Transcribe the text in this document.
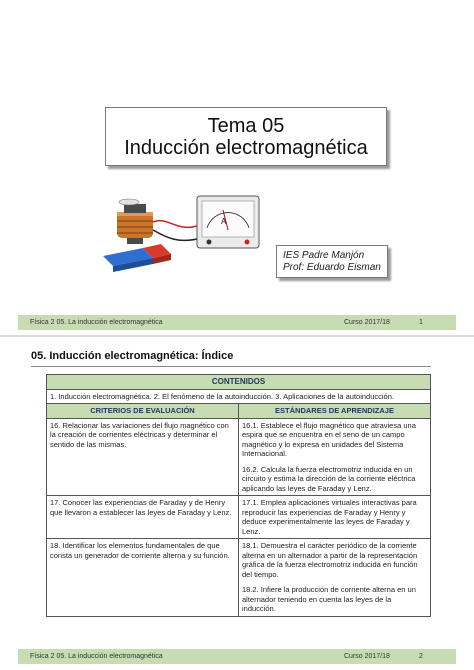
Tema 05
Inducción electromagnética
A
IES Padre Manjón
Prof: Eduardo Eisman
Física 2 05. La inducción electromagnética	Curso 2017/18	1
05. Inducción electromagnética: Índice
CONTENIDOS	
1. Inducción electromagnética. 2. El fenómeno de la autoinducción. 3. Aplicaciones de la autoinducción.	
CRITERIOS DE EVALUACIÓN	ESTÁNDARES DE APRENDIZAJE
16. Relacionar las variaciones del flujo magnético con la creación de corrientes eléctricas y determinar el sentido de las mismas.	16.1. Establece el flujo magnético que atraviesa una espira que se encuentra en el seno de un campo magnético y lo expresa en unidades del Sistema Internacional.
16.2. Calcula la fuerza electromotriz inducida en un circuito y estima la dirección de la corriente eléctrica aplicando las leyes de Faraday y Lenz.

17. Conocer las experiencias de Faraday y de Henry que llevaron a establecer las leyes de Faraday y Lenz.	17.1. Emplea aplicaciones virtuales interactivas para reproducir las experiencias de Faraday y Henry y deduce experimentalmente las leyes de Faraday y Lenz.

18. Identificar los elementos fundamentales de que consta un generador de corriente alterna y su función.	18.1. Demuestra el carácter periódico de la corriente alterna en un alternador a partir de la representación gráfica de la fuerza electromotriz inducida en función del tiempo.
18.2. Infiere la producción de corriente alterna en un alternador teniendo en cuenta las leyes de la inducción.
Física 2 05. La inducción electromagnética	Curso 2017/18	2
